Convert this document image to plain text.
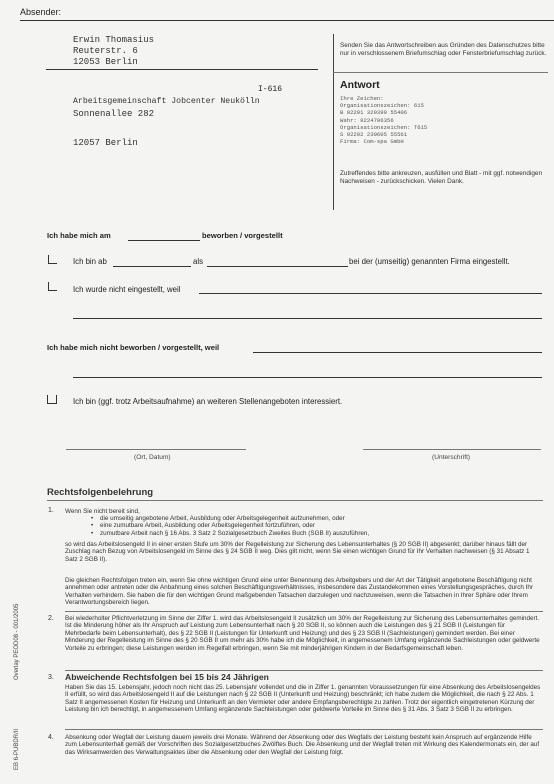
Absender:
Erwin Thomasius
Reuterstr. 6
12053 Berlin
I-616
Arbeitsgemeinschaft Jobcenter Neukölln
Sonnenallee 282
12057 Berlin
Senden Sie das Antwortschreiben aus Gründen des Datenschutzes bitte nur in verschlossenem Briefumschlag oder Fensterbriefumschlag zurück.
Antwort
Ihre Zeichen:
Organisationszeichen: 615
B 92201 320399 55406
Wahr: 9224706356
Organisationszeichen: T615
S 92202 230605 55561
Firma: Com-spa GmbH
Zutreffendes bitte ankreuzen, ausfüllen und Blatt - mit ggf. notwendigen Nachweisen - zurückschicken. Vielen Dank.
Ich habe mich am	beworben / vorgestellt
Ich bin ab	als	bei der (umseitig) genannten Firma eingestellt.
Ich wurde nicht eingestellt, weil
Ich habe mich nicht beworben / vorgestellt, weil
Ich bin (ggf. trotz Arbeitsaufnahme) an weiteren Stellenangeboten interessiert.
(Ort, Datum)	(Unterschrift)
Rechtsfolgenbelehrung
1. Wenn Sie nicht bereit sind,
• die umseitig angebotene Arbeit, Ausbildung oder Arbeitsgelegenheit aufzunehmen, oder
• eine zumutbare Arbeit, Ausbildung oder Arbeitsgelegenheit fortzuführen, oder
• zumutbare Arbeit nach § 16 Abs. 3 Satz 2 Sozialgesetzbuch Zweites Buch (SGB II) auszuführen,
so wird das Arbeitslosengeld II in einer ersten Stufe um 30% der Regelleistung zur Sicherung des Lebensunterhaltes (§ 20 SGB II) abgesenkt; darüber hinaus fällt der Zuschlag nach Bezug von Arbeitslosengeld im Sinne des § 24 SGB II weg. Dies gilt nicht, wenn Sie einen wichtigen Grund für Ihr Verhalten nachweisen (§ 31 Absatz 1 Satz 2 SGB II).
Die gleichen Rechtsfolgen treten ein, wenn Sie ohne wichtigen Grund eine unter Benennung des Arbeitgebers und der Art der Tätigkeit angebotene Beschäftigung nicht annehmen oder antreten oder die Anbahnung eines solchen Beschäftigungsverhältnisses, insbesondere das Zustandekommen eines Vorstellungsgespräches, durch Ihr Verhalten verhindern. Sie haben die für den wichtigen Grund maßgebenden Tatsachen darzulegen und nachzuweisen, wenn die Tatsachen in Ihrer Sphäre oder Ihrem Verantwortungsbereich liegen.
2. Bei wiederholter Pflichtverletzung im Sinne der Ziffer 1. wird das Arbeitslosengeld II zusätzlich um 30% der Regelleistung zur Sicherung des Lebensunterhaltes gemindert. Ist die Minderung höher als Ihr Anspruch auf Leistung zum Lebensunterhalt nach § 20 SGB II, so können auch die Leistungen des § 21 SGB II (Leistungen für Mehrbedarfe beim Lebensunterhalt), des § 22 SGB II (Leistungen für Unterkunft und Heizung) und des § 23 SGB II (Sachleistungen) gemindert werden. Bei einer Minderung der Regelleistung im Sinne des § 20 SGB II um mehr als 30% habe ich die Möglichkeit, in angemessenem Umfang ergänzende Sachleistungen oder geldwerte Vorteile zu erbringen; diese Leistungen werden im Regelfall erbringen, wenn Sie mit minderjährigen Kindern in der Bedarfsgemeinschaft leben.
3. Abweichende Rechtsfolgen bei 15 bis 24 Jährigen
Haben Sie das 15. Lebensjahr, jedoch noch nicht das 25. Lebensjahr vollendet und die in Ziffer 1. genannten Voraussetzungen für eine Absenkung des Arbeitslosengeldes II erfüllt, so wird das Arbeitslosengeld II auf die Leistungen nach § 22 SGB II (Unterkunft und Heizung) beschränkt; ich habe zudem die Möglichkeit, die nach § 22 Abs. 1 Satz II angemessenen Kosten für Heizung und Unterkunft an den Vermieter oder andere Empfangsberechtigte zu zahlen. Trotz der eigentlich eingetretenen Kürzung der Leistung bin ich berechtigt, in angemessenem Umfang ergänzende Sachleistungen oder geldwerte Vorteile im Sinne des § 31 Abs. 3 Satz 3 SGB II zu erbringen.
4. Absenkung oder Wegfall der Leistung dauern jeweils drei Monate. Während der Absenkung oder des Wegfalls der Leistung besteht kein Anspruch auf ergänzende Hilfe zum Lebensunterhalt gemäß der Vorschriften des Sozialgesetzbuches Zwölftes Buch. Die Absenkung und der Wegfall treten mit Wirkung des Kalendermonats ein, der auf das Wirksamwerden des Verwaltungsaktes über die Absenkung oder den Wegfall der Leistung folgt.
Overlay PEOD08 - 001/2005
EB 6-PUBDR/II
